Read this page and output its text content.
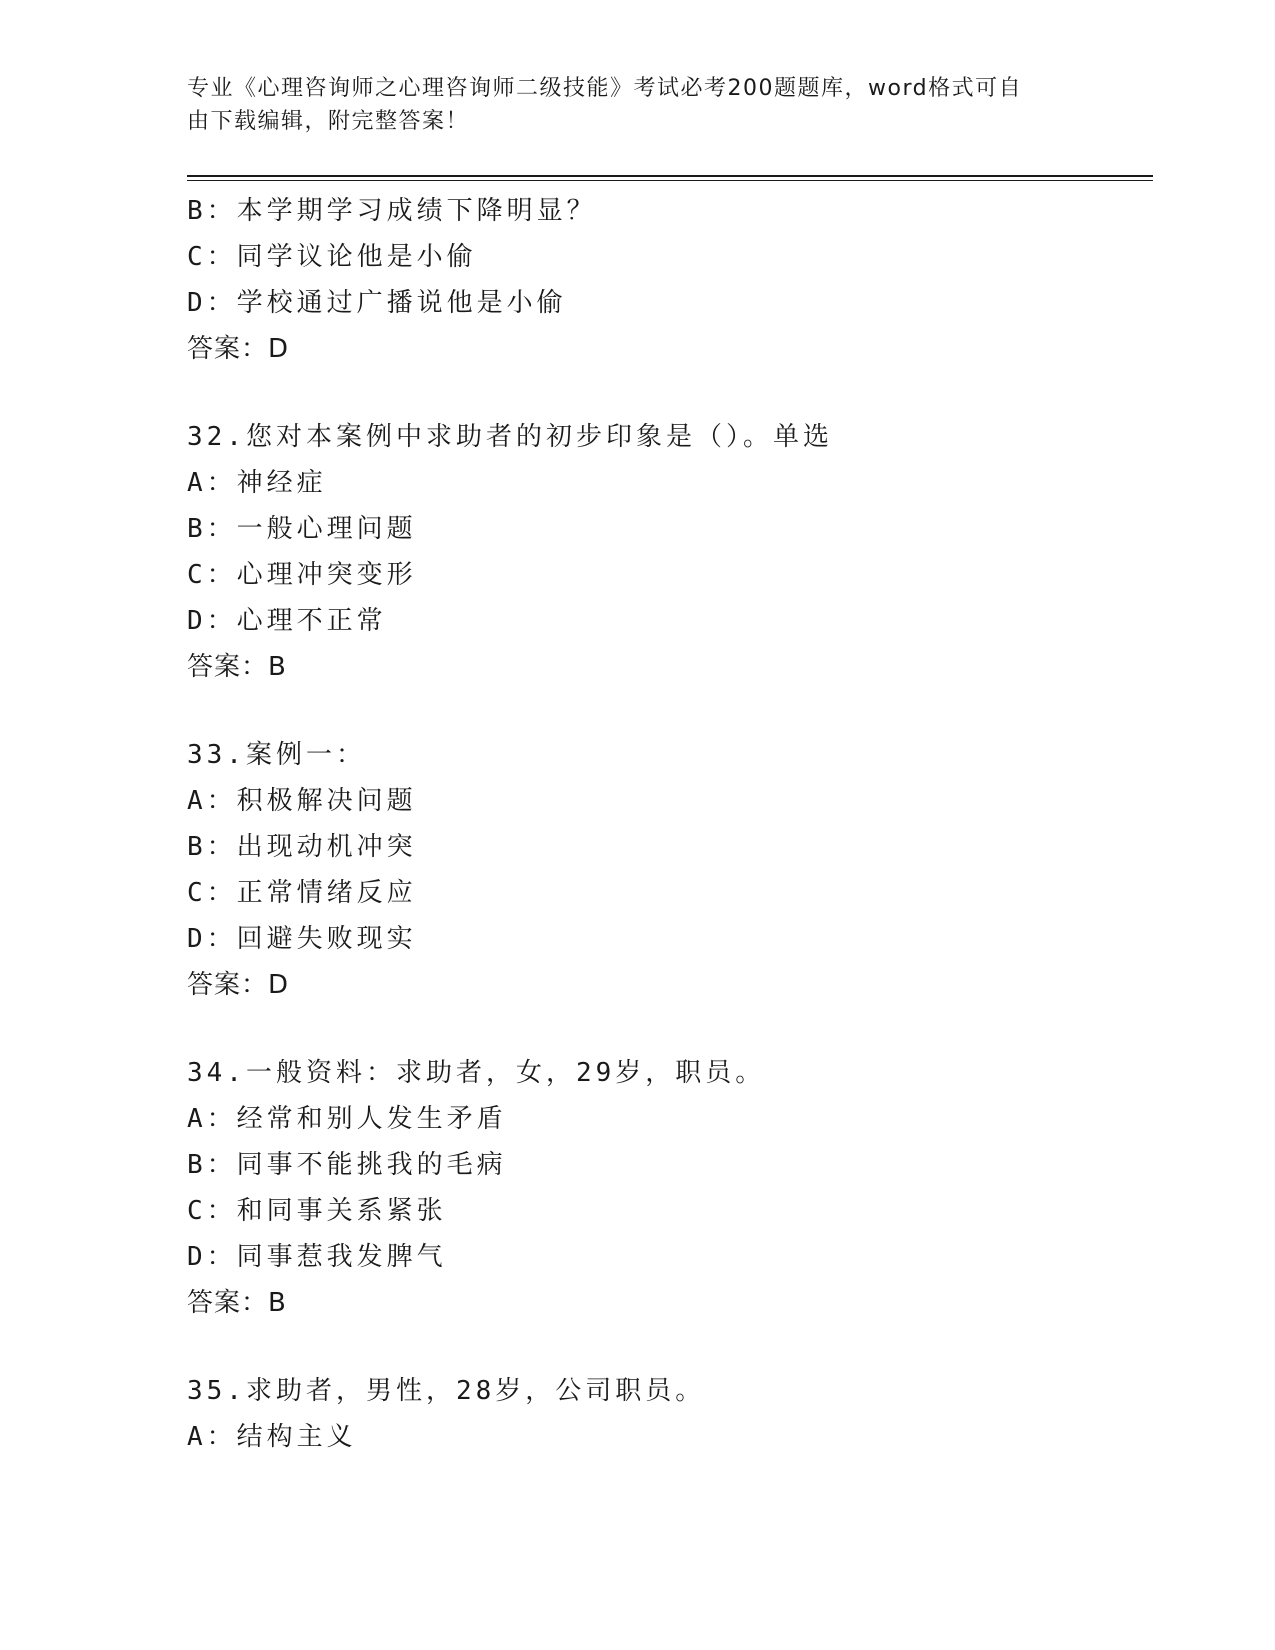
专业《心理咨询师之心理咨询师二级技能》考试必考200题题库，word格式可自
由下载编辑，附完整答案！
B：本学期学习成绩下降明显？
C：同学议论他是小偷
D：学校通过广播说他是小偷
答案：D
32.您对本案例中求助者的初步印象是（）。单选
A：神经症
B：一般心理问题
C：心理冲突变形
D：心理不正常
答案：B
33.案例一：
A：积极解决问题
B：出现动机冲突
C：正常情绪反应
D：回避失败现实
答案：D
34.一般资料：求助者，女，29岁，职员。
A：经常和别人发生矛盾
B：同事不能挑我的毛病
C：和同事关系紧张
D：同事惹我发脾气
答案：B
35.求助者，男性，28岁，公司职员。
A：结构主义
